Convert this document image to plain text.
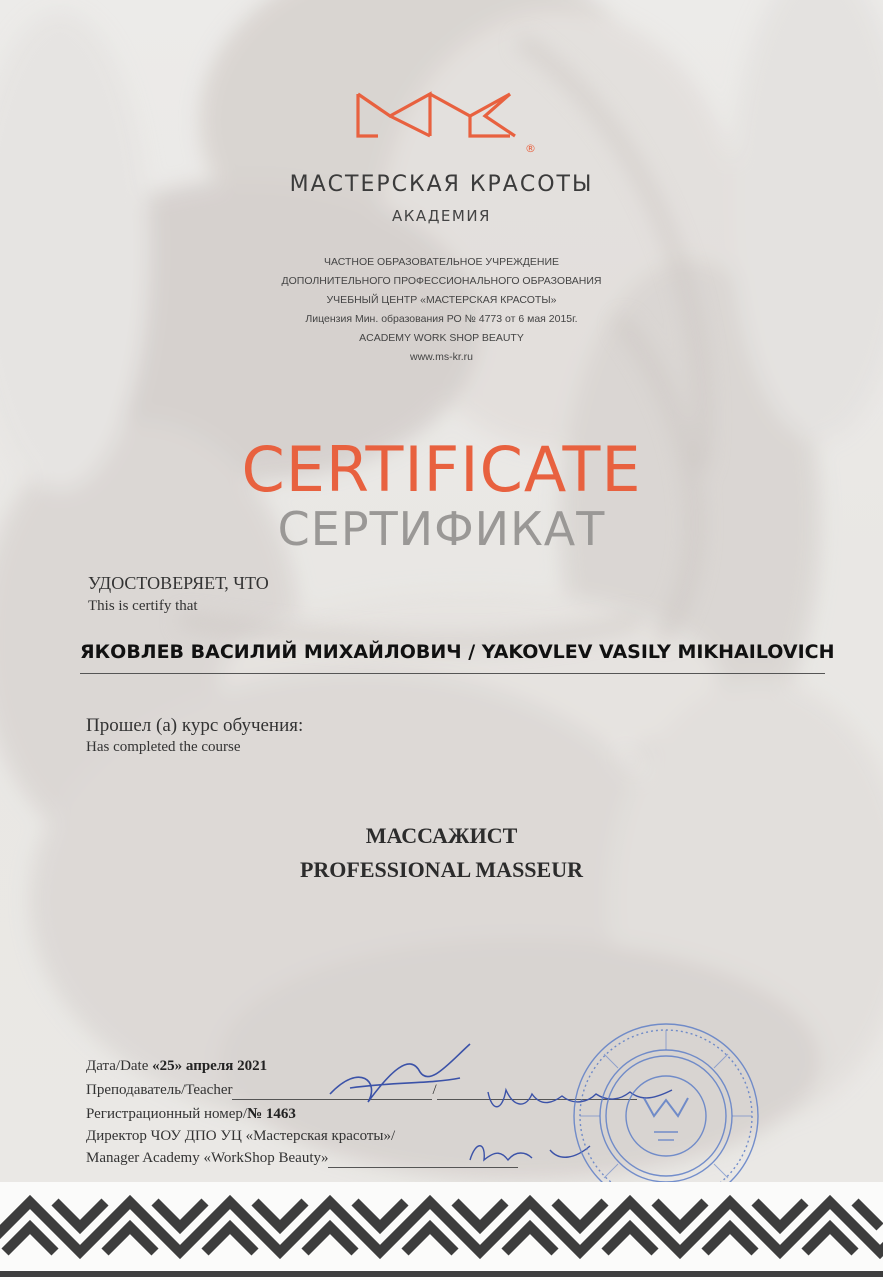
®
МАСТЕРСКАЯ КРАСОТЫ
АКАДЕМИЯ
ЧАСТНОЕ ОБРАЗОВАТЕЛЬНОЕ УЧРЕЖДЕНИЕ
ДОПОЛНИТЕЛЬНОГО ПРОФЕССИОНАЛЬНОГО ОБРАЗОВАНИЯ
УЧЕБНЫЙ ЦЕНТР «МАСТЕРСКАЯ КРАСОТЫ»
Лицензия Мин. образования РО № 4773 от 6 мая 2015г.
ACADEMY WORK SHOP BEAUTY
www.ms-kr.ru
CERTIFICATE
СЕРТИФИКАТ
УДОСТОВЕРЯЕТ, ЧТО
This is certify that
ЯКОВЛЕВ ВАСИЛИЙ МИХАЙЛОВИЧ / YAKOVLEV VASILY MIKHAILOVICH
Прошел (а) курс обучения:
Has completed the course
МАССАЖИСТ
PROFESSIONAL MASSEUR
Дата/Date «25» апреля 2021
Преподаватель/Teacher	/
Регистрационный номер/№ 1463
Директор ЧОУ ДПО УЦ «Мастерская красоты»/
Manager Academy «WorkShop Beauty»
